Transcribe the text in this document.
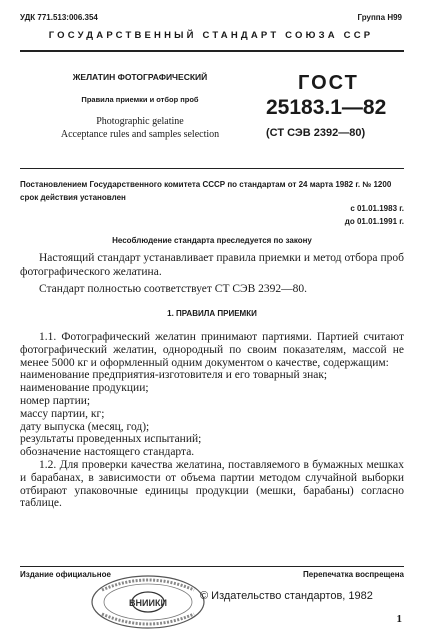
УДК 771.513:006.354	Группа Н99
ГОСУДАРСТВЕННЫЙ СТАНДАРТ СОЮЗА ССР
ЖЕЛАТИН ФОТОГРАФИЧЕСКИЙ
Правила приемки и отбор проб
Photographic gelatine
Acceptance rules and samples selection
ГОСТ
25183.1—82
(СТ СЭВ 2392—80)
Постановлением Государственного комитета СССР по стандартам от 24 марта 1982 г. № 1200 срок действия установлен
с 01.01.1983 г.
до 01.01.1991 г.
Несоблюдение стандарта преследуется по закону
Настоящий стандарт устанавливает правила приемки и метод отбора проб фотографического желатина.
Стандарт полностью соответствует СТ СЭВ 2392—80.
1. ПРАВИЛА ПРИЕМКИ

1.1. Фотографический желатин принимают партиями. Партией считают фотографический желатин, однородный по своим показателям, массой не менее 5000 кг и оформленный одним документом о качестве, содержащим:

наименование предприятия-изготовителя и его товарный знак;

наименование продукции;

номер партии;

массу партии, кг;

дату выпуска (месяц, год);

результаты проведенных испытаний;

обозначение настоящего стандарта.

1.2. Для проверки качества желатина, поставляемого в бумажных мешках и барабанах, в зависимости от объема партии методом случайной выборки отбирают упаковочные единицы продукции (мешки, барабаны) согласно таблице.

Издание официальное	Перепечатка воспрещена
ВНИИКИ
© Издательство стандартов, 1982
1
